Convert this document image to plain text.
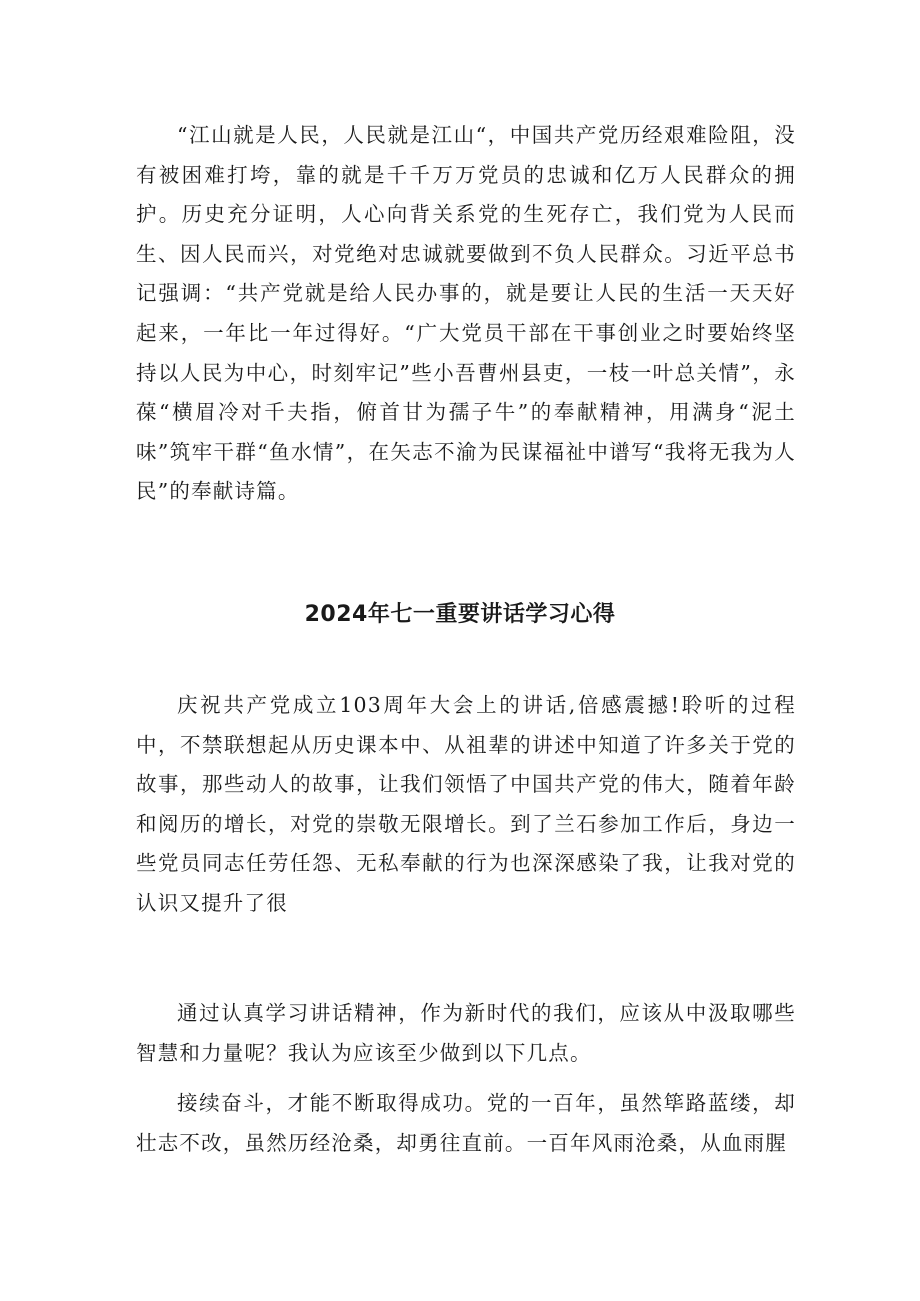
“江山就是人民，人民就是江山“，中国共产党历经艰难险阻，没有被困难打垮，靠的就是千千万万党员的忠诚和亿万人民群众的拥护。历史充分证明，人心向背关系党的生死存亡，我们党为人民而生、因人民而兴，对党绝对忠诚就要做到不负人民群众。习近平总书记强调：“共产党就是给人民办事的，就是要让人民的生活一天天好起来，一年比一年过得好。“广大党员干部在干事创业之时要始终坚持以人民为中心，时刻牢记”些小吾曹州县吏，一枝一叶总关情”，永葆“横眉冷对千夫指，俯首甘为孺子牛”的奉献精神，用满身“泥土味”筑牢干群“鱼水情”，在矢志不渝为民谋福祉中谱写“我将无我为人民”的奉献诗篇。

2024年七一重要讲话学习心得

庆祝共产党成立103周年大会上的讲话,倍感震撼!聆听的过程中，不禁联想起从历史课本中、从祖辈的讲述中知道了许多关于党的故事，那些动人的故事，让我们领悟了中国共产党的伟大，随着年龄和阅历的增长，对党的崇敬无限增长。到了兰石参加工作后，身边一些党员同志任劳任怨、无私奉献的行为也深深感染了我，让我对党的认识又提升了很

通过认真学习讲话精神，作为新时代的我们，应该从中汲取哪些智慧和力量呢？我认为应该至少做到以下几点。

接续奋斗，才能不断取得成功。党的一百年，虽然筚路蓝缕，却壮志不改，虽然历经沧桑，却勇往直前。一百年风雨沧桑，从血雨腥
